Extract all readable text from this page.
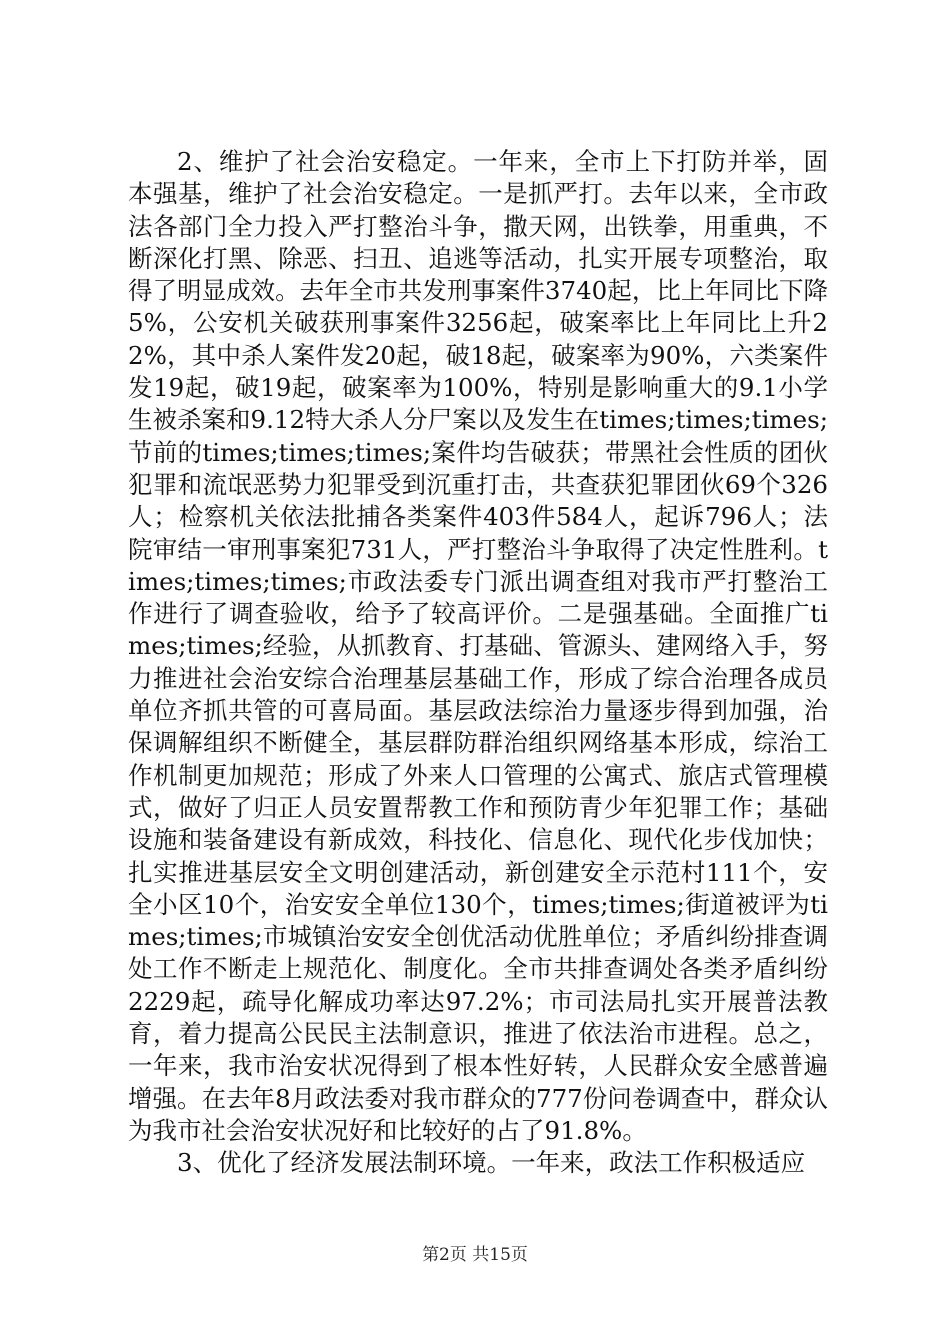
2、维护了社会治安稳定。一年来，全市上下打防并举，固本强基，维护了社会治安稳定。一是抓严打。去年以来，全市政法各部门全力投入严打整治斗争，撒天网，出铁拳，用重典，不断深化打黑、除恶、扫丑、追逃等活动，扎实开展专项整治，取得了明显成效。去年全市共发刑事案件3740起，比上年同比下降5%，公安机关破获刑事案件3256起，破案率比上年同比上升22%，其中杀人案件发20起，破18起，破案率为90%，六类案件发19起，破19起，破案率为100%，特别是影响重大的9.1小学生被杀案和9.12特大杀人分尸案以及发生在times;times;times;节前的times;times;times;案件均告破获；带黑社会性质的团伙犯罪和流氓恶势力犯罪受到沉重打击，共查获犯罪团伙69个326人；检察机关依法批捕各类案件403件584人，起诉796人；法院审结一审刑事案犯731人，严打整治斗争取得了决定性胜利。times;times;times;市政法委专门派出调查组对我市严打整治工作进行了调查验收，给予了较高评价。二是强基础。全面推广times;times;经验，从抓教育、打基础、管源头、建网络入手，努力推进社会治安综合治理基层基础工作，形成了综合治理各成员单位齐抓共管的可喜局面。基层政法综治力量逐步得到加强，治保调解组织不断健全，基层群防群治组织网络基本形成，综治工作机制更加规范；形成了外来人口管理的公寓式、旅店式管理模式，做好了归正人员安置帮教工作和预防青少年犯罪工作；基础设施和装备建设有新成效，科技化、信息化、现代化步伐加快；扎实推进基层安全文明创建活动，新创建安全示范村111个，安全小区10个，治安安全单位130个，times;times;街道被评为times;times;市城镇治安安全创优活动优胜单位；矛盾纠纷排查调处工作不断走上规范化、制度化。全市共排查调处各类矛盾纠纷2229起，疏导化解成功率达97.2%；市司法局扎实开展普法教育，着力提高公民民主法制意识，推进了依法治市进程。总之，一年来，我市治安状况得到了根本性好转，人民群众安全感普遍增强。在去年8月政法委对我市群众的777份问卷调查中，群众认为我市社会治安状况好和比较好的占了91.8%。

3、优化了经济发展法制环境。一年来，政法工作积极适应

第2页 共15页
